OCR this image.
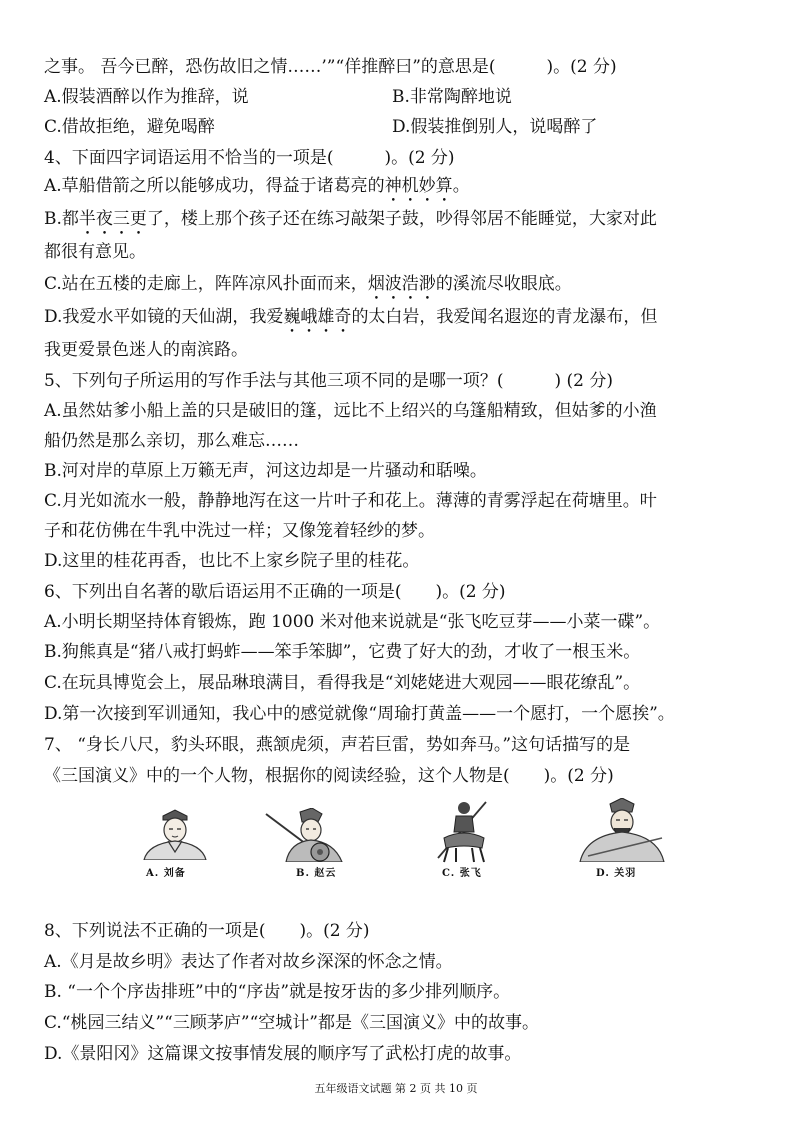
之事。 吾今已醉，恐伤故旧之情……’”“佯推醉曰”的意思是(　　　)。(2 分)
A.假装酒醉以作为推辞，说	B.非常陶醉地说
C.借故拒绝，避免喝醉	D.假装推倒别人，说喝醉了
4、下面四字词语运用不恰当的一项是(　　　)。(2 分)
A.草船借箭之所以能够成功，得益于诸葛亮的神机妙算。
B.都半夜三更了，楼上那个孩子还在练习敲架子鼓，吵得邻居不能睡觉，大家对此
都很有意见。
C.站在五楼的走廊上，阵阵凉风扑面而来，烟波浩渺的溪流尽收眼底。
D.我爱水平如镜的天仙湖，我爱巍峨雄奇的太白岩，我爱闻名遐迩的青龙瀑布，但
我更爱景色迷人的南滨路。
5、下列句子所运用的写作手法与其他三项不同的是哪一项？(　　　) (2 分)
A.虽然姑爹小船上盖的只是破旧的篷，远比不上绍兴的乌篷船精致，但姑爹的小渔
船仍然是那么亲切，那么难忘……
B.河对岸的草原上万籁无声，河这边却是一片骚动和聒噪。
C.月光如流水一般，静静地泻在这一片叶子和花上。薄薄的青雾浮起在荷塘里。叶
子和花仿佛在牛乳中洗过一样；又像笼着轻纱的梦。
D.这里的桂花再香，也比不上家乡院子里的桂花。
6、下列出自名著的歇后语运用不正确的一项是(　　)。(2 分)
A.小明长期坚持体育锻炼，跑 1000 米对他来说就是“张飞吃豆芽——小菜一碟”。
B.狗熊真是“猪八戒打蚂蚱——笨手笨脚”，它费了好大的劲，才收了一根玉米。
C.在玩具博览会上，展品琳琅满目，看得我是“刘姥姥进大观园——眼花缭乱”。
D.第一次接到军训通知，我心中的感觉就像“周瑜打黄盖——一个愿打，一个愿挨”。
7、 “身长八尺，豹头环眼，燕颔虎须，声若巨雷，势如奔马。”这句话描写的是
《三国演义》中的一个人物，根据你的阅读经验，这个人物是(　　)。(2 分)
A. 刘备	B. 赵云	C. 张飞	D. 关羽
8、下列说法不正确的一项是(　　)。(2 分)
A.《月是故乡明》表达了作者对故乡深深的怀念之情。
B. “一个个序齿排班”中的“序齿”就是按牙齿的多少排列顺序。
C.“桃园三结义”“三顾茅庐”“空城计”都是《三国演义》中的故事。
D.《景阳冈》这篇课文按事情发展的顺序写了武松打虎的故事。
五年级语文试题 第 2 页 共 10 页
